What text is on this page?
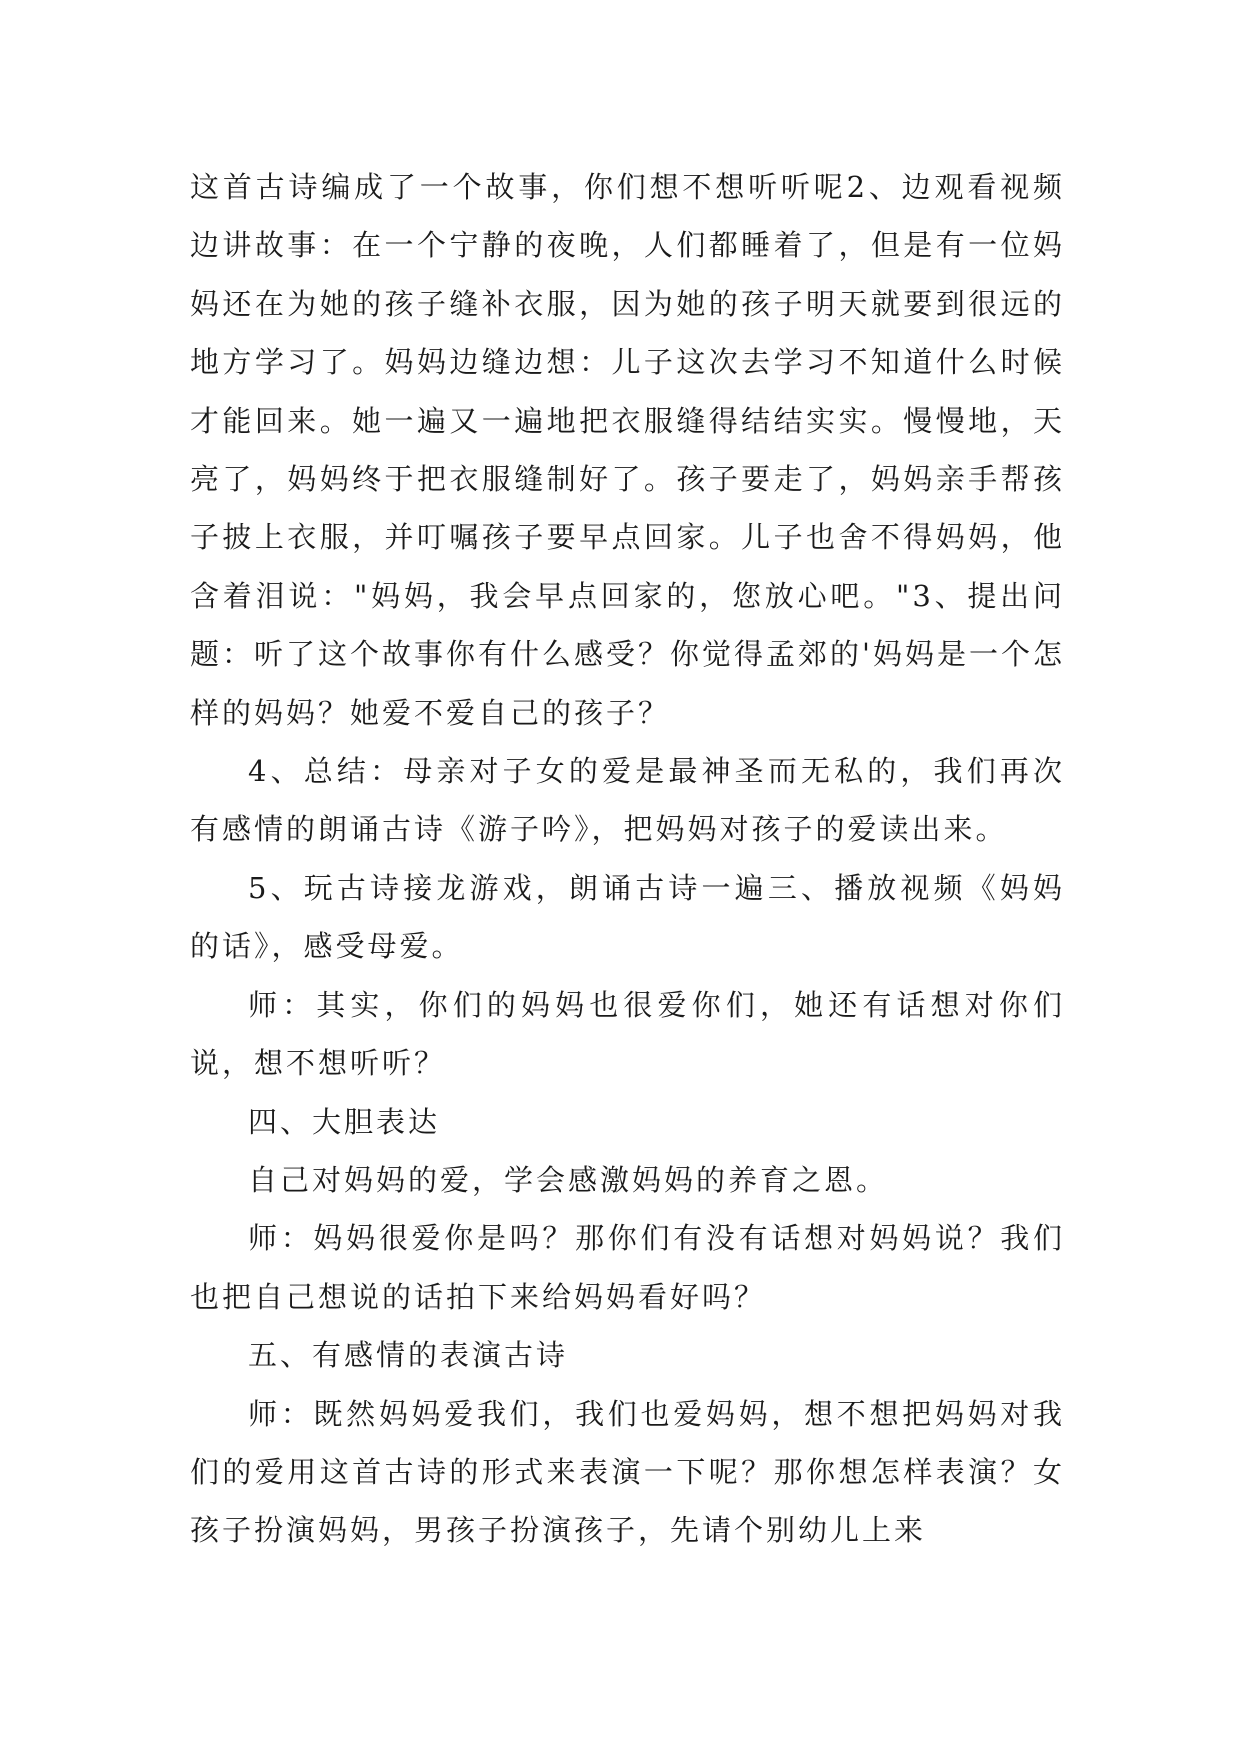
这首古诗编成了一个故事，你们想不想听听呢2、边观看视频边讲故事：在一个宁静的夜晚，人们都睡着了，但是有一位妈妈还在为她的孩子缝补衣服，因为她的孩子明天就要到很远的地方学习了。妈妈边缝边想：儿子这次去学习不知道什么时候才能回来。她一遍又一遍地把衣服缝得结结实实。慢慢地，天亮了，妈妈终于把衣服缝制好了。孩子要走了，妈妈亲手帮孩子披上衣服，并叮嘱孩子要早点回家。儿子也舍不得妈妈，他含着泪说："妈妈，我会早点回家的，您放心吧。"3、提出问题：听了这个故事你有什么感受？你觉得孟郊的'妈妈是一个怎样的妈妈？她爱不爱自己的孩子？

4、总结：母亲对子女的爱是最神圣而无私的，我们再次有感情的朗诵古诗《游子吟》，把妈妈对孩子的爱读出来。

5、玩古诗接龙游戏，朗诵古诗一遍三、播放视频《妈妈的话》，感受母爱。

师：其实，你们的妈妈也很爱你们，她还有话想对你们说，想不想听听？

四、大胆表达

自己对妈妈的爱，学会感激妈妈的养育之恩。

师：妈妈很爱你是吗？那你们有没有话想对妈妈说？我们也把自己想说的话拍下来给妈妈看好吗？

五、有感情的表演古诗

师：既然妈妈爱我们，我们也爱妈妈，想不想把妈妈对我们的爱用这首古诗的形式来表演一下呢？那你想怎样表演？女孩子扮演妈妈，男孩子扮演孩子，先请个别幼儿上来
